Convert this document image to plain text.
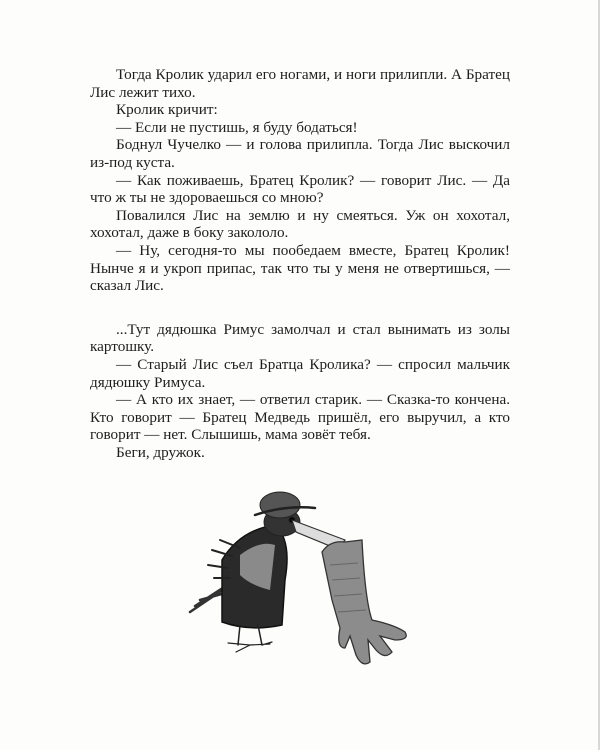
Тогда Кролик ударил его ногами, и ноги прилипли. А Братец Лис лежит тихо.

Кролик кричит:

— Если не пустишь, я буду бодаться!

Боднул Чучелко — и голова прилипла. Тогда Лис выскочил из-под куста.

— Как поживаешь, Братец Кролик? — говорит Лис. — Да что ж ты не здороваешься со мною?

Повалился Лис на землю и ну смеяться. Уж он хохотал, хохотал, даже в боку закололо.

— Ну, сегодня-то мы пообедаем вместе, Братец Кролик! Нынче я и укроп припас, так что ты у меня не отвертишься, — сказал Лис.

...Тут дядюшка Римус замолчал и стал вынимать из золы картошку.

— Старый Лис съел Братца Кролика? — спросил мальчик дядюшку Римуса.

— А кто их знает, — ответил старик. — Сказка-то кончена. Кто говорит — Братец Медведь пришёл, его выручил, а кто говорит — нет. Слышишь, мама зовёт тебя.

Беги, дружок.
